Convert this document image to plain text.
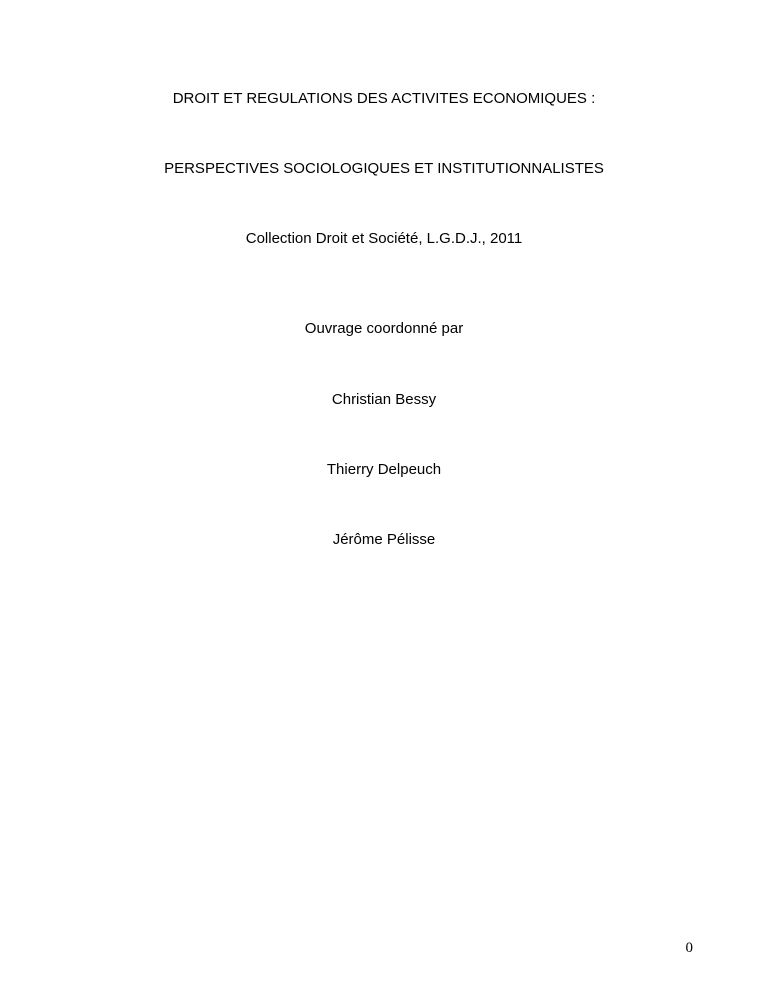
DROIT ET REGULATIONS DES ACTIVITES ECONOMIQUES :
PERSPECTIVES SOCIOLOGIQUES ET INSTITUTIONNALISTES
Collection Droit et Société, L.G.D.J., 2011
Ouvrage coordonné par
Christian Bessy
Thierry Delpeuch
Jérôme Pélisse
0
